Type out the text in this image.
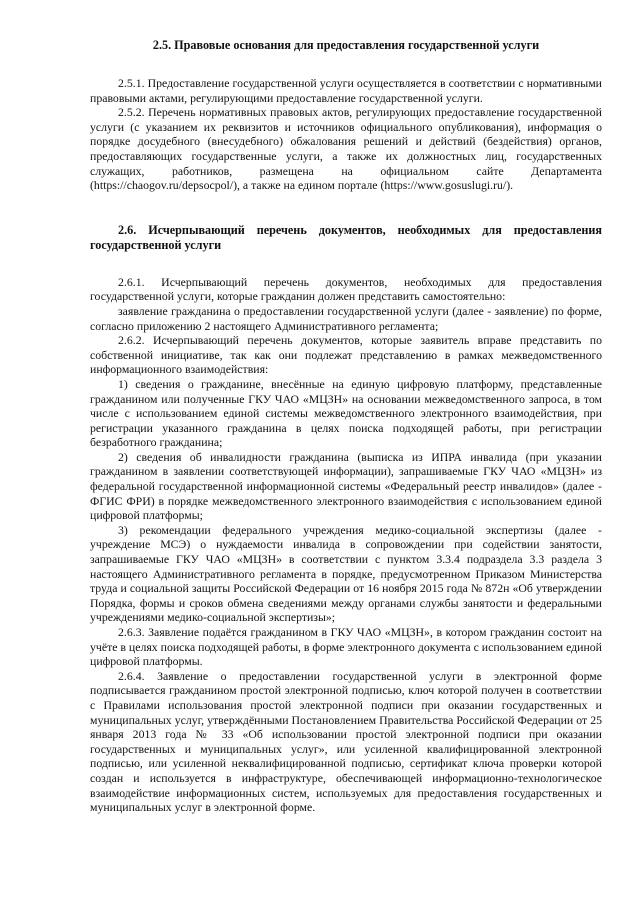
2.5. Правовые основания для предоставления государственной услуги

2.5.1. Предоставление государственной услуги осуществляется в соответствии с нормативными правовыми актами, регулирующими предоставление государственной услуги.

2.5.2. Перечень нормативных правовых актов, регулирующих предоставление государственной услуги (с указанием их реквизитов и источников официального опубликования), информация о порядке досудебного (внесудебного) обжалования решений и действий (бездействия) органов, предоставляющих государственные услуги, а также их должностных лиц, государственных служащих, работников, размещена на официальном сайте Департамента (https://chaogov.ru/depsocpol/), а также на едином портале (https://www.gosuslugi.ru/).

2.6. Исчерпывающий перечень документов, необходимых для предоставления государственной услуги

2.6.1. Исчерпывающий перечень документов, необходимых для предоставления государственной услуги, которые гражданин должен представить самостоятельно:

заявление гражданина о предоставлении государственной услуги (далее - заявление) по форме, согласно приложению 2 настоящего Административного регламента;

2.6.2. Исчерпывающий перечень документов, которые заявитель вправе представить по собственной инициативе, так как они подлежат представлению в рамках межведомственного информационного взаимодействия:

1) сведения о гражданине, внесённые на единую цифровую платформу, представленные гражданином или полученные ГКУ ЧАО «МЦЗН» на основании межведомственного запроса, в том числе с использованием единой системы межведомственного электронного взаимодействия, при регистрации указанного гражданина в целях поиска подходящей работы, при регистрации безработного гражданина;

2) сведения об инвалидности гражданина (выписка из ИПРА инвалида (при указании гражданином в заявлении соответствующей информации), запрашиваемые ГКУ ЧАО «МЦЗН» из федеральной государственной информационной системы «Федеральный реестр инвалидов» (далее - ФГИС ФРИ) в порядке межведомственного электронного взаимодействия с использованием единой цифровой платформы;

3) рекомендации федерального учреждения медико-социальной экспертизы (далее - учреждение МСЭ) о нуждаемости инвалида в сопровождении при содействии занятости, запрашиваемые ГКУ ЧАО «МЦЗН» в соответствии с пунктом 3.3.4 подраздела 3.3 раздела 3 настоящего Административного регламента в порядке, предусмотренном Приказом Министерства труда и социальной защиты Российской Федерации от 16 ноября 2015 года № 872н «Об утверждении Порядка, формы и сроков обмена сведениями между органами службы занятости и федеральными учреждениями медико-социальной экспертизы»;

2.6.3. Заявление подаётся гражданином в ГКУ ЧАО «МЦЗН», в котором гражданин состоит на учёте в целях поиска подходящей работы, в форме электронного документа с использованием единой цифровой платформы.

2.6.4. Заявление о предоставлении государственной услуги в электронной форме подписывается гражданином простой электронной подписью, ключ которой получен в соответствии с Правилами использования простой электронной подписи при оказании государственных и муниципальных услуг, утверждёнными Постановлением Правительства Российской Федерации от 25 января 2013 года № 33 «Об использовании простой электронной подписи при оказании государственных и муниципальных услуг», или усиленной квалифицированной электронной подписью, или усиленной неквалифицированной подписью, сертификат ключа проверки которой создан и используется в инфраструктуре, обеспечивающей информационно-технологическое взаимодействие информационных систем, используемых для предоставления государственных и муниципальных услуг в электронной форме.
